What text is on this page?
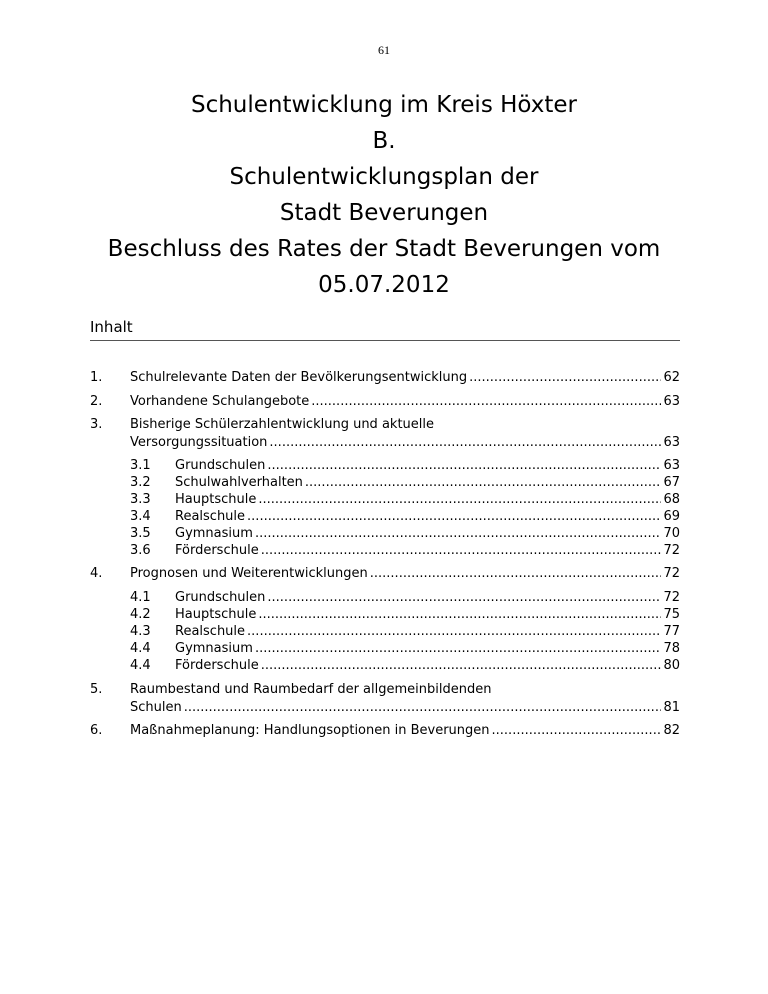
61
Schulentwicklung im Kreis Höxter
B.
Schulentwicklungsplan der
Stadt Beverungen
Beschluss des Rates der Stadt Beverungen vom
05.07.2012
Inhalt
1. Schulrelevante Daten der Bevölkerungsentwicklung .....	62
2. Vorhandene Schulangebote .....	63
3. Bisherige Schülerzahlentwicklung und aktuelle
Versorgungssituation .....	63
3.1 Grundschulen .....	63
3.2 Schulwahlverhalten .....	67
3.3 Hauptschule .....	68
3.4 Realschule .....	69
3.5 Gymnasium .....	70
3.6 Förderschule .....	72
4. Prognosen und Weiterentwicklungen .....	72
4.1 Grundschulen .....	72
4.2 Hauptschule .....	75
4.3 Realschule .....	77
4.4 Gymnasium .....	78
4.4 Förderschule .....	80
5. Raumbestand und Raumbedarf der allgemeinbildenden
Schulen .....	81
6. Maßnahmeplanung: Handlungsoptionen in Beverungen .....	82
